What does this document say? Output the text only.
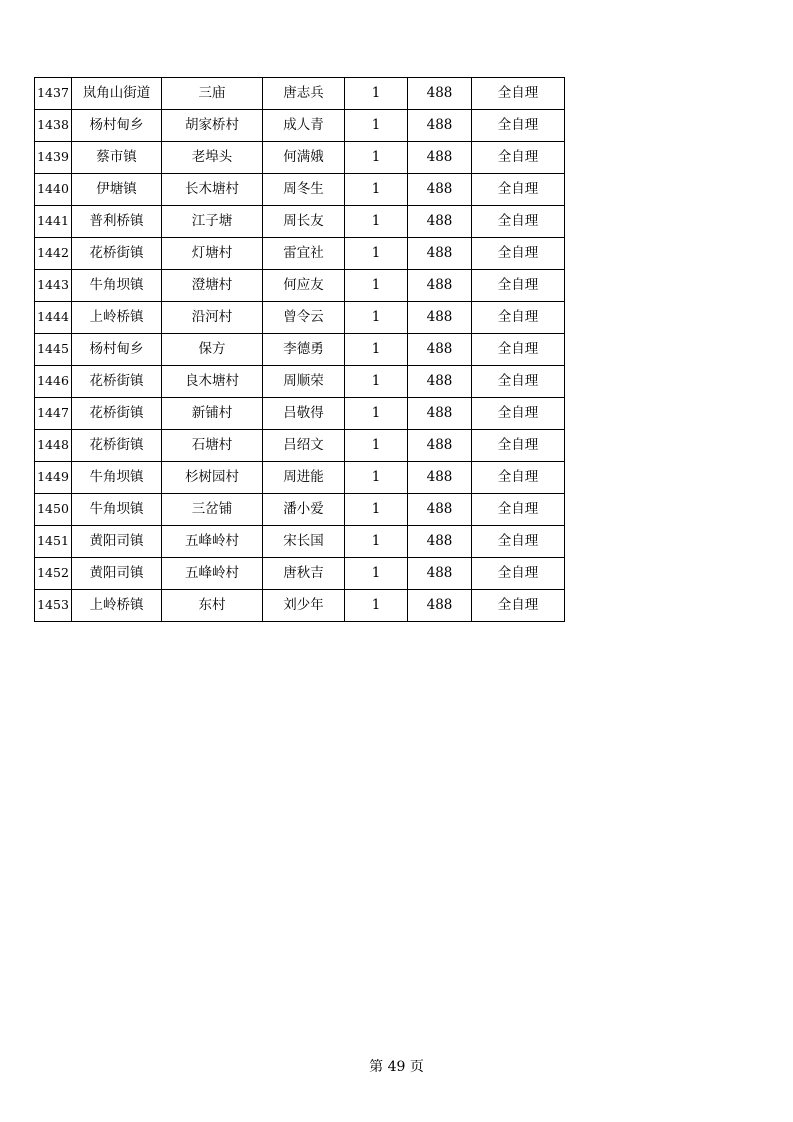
1437	岚角山街道	三庙	唐志兵	1	488	全自理
1438	杨村甸乡	胡家桥村	成人青	1	488	全自理
1439	蔡市镇	老埠头	何满娥	1	488	全自理
1440	伊塘镇	长木塘村	周冬生	1	488	全自理
1441	普利桥镇	江子塘	周长友	1	488	全自理
1442	花桥街镇	灯塘村	雷宜社	1	488	全自理
1443	牛角坝镇	澄塘村	何应友	1	488	全自理
1444	上岭桥镇	沿河村	曾令云	1	488	全自理
1445	杨村甸乡	保方	李德勇	1	488	全自理
1446	花桥街镇	良木塘村	周顺荣	1	488	全自理
1447	花桥街镇	新铺村	吕敬得	1	488	全自理
1448	花桥街镇	石塘村	吕绍文	1	488	全自理
1449	牛角坝镇	杉树园村	周进能	1	488	全自理
1450	牛角坝镇	三岔铺	潘小爱	1	488	全自理
1451	黄阳司镇	五峰岭村	宋长国	1	488	全自理
1452	黄阳司镇	五峰岭村	唐秋吉	1	488	全自理
1453	上岭桥镇	东村	刘少年	1	488	全自理
第 49 页
